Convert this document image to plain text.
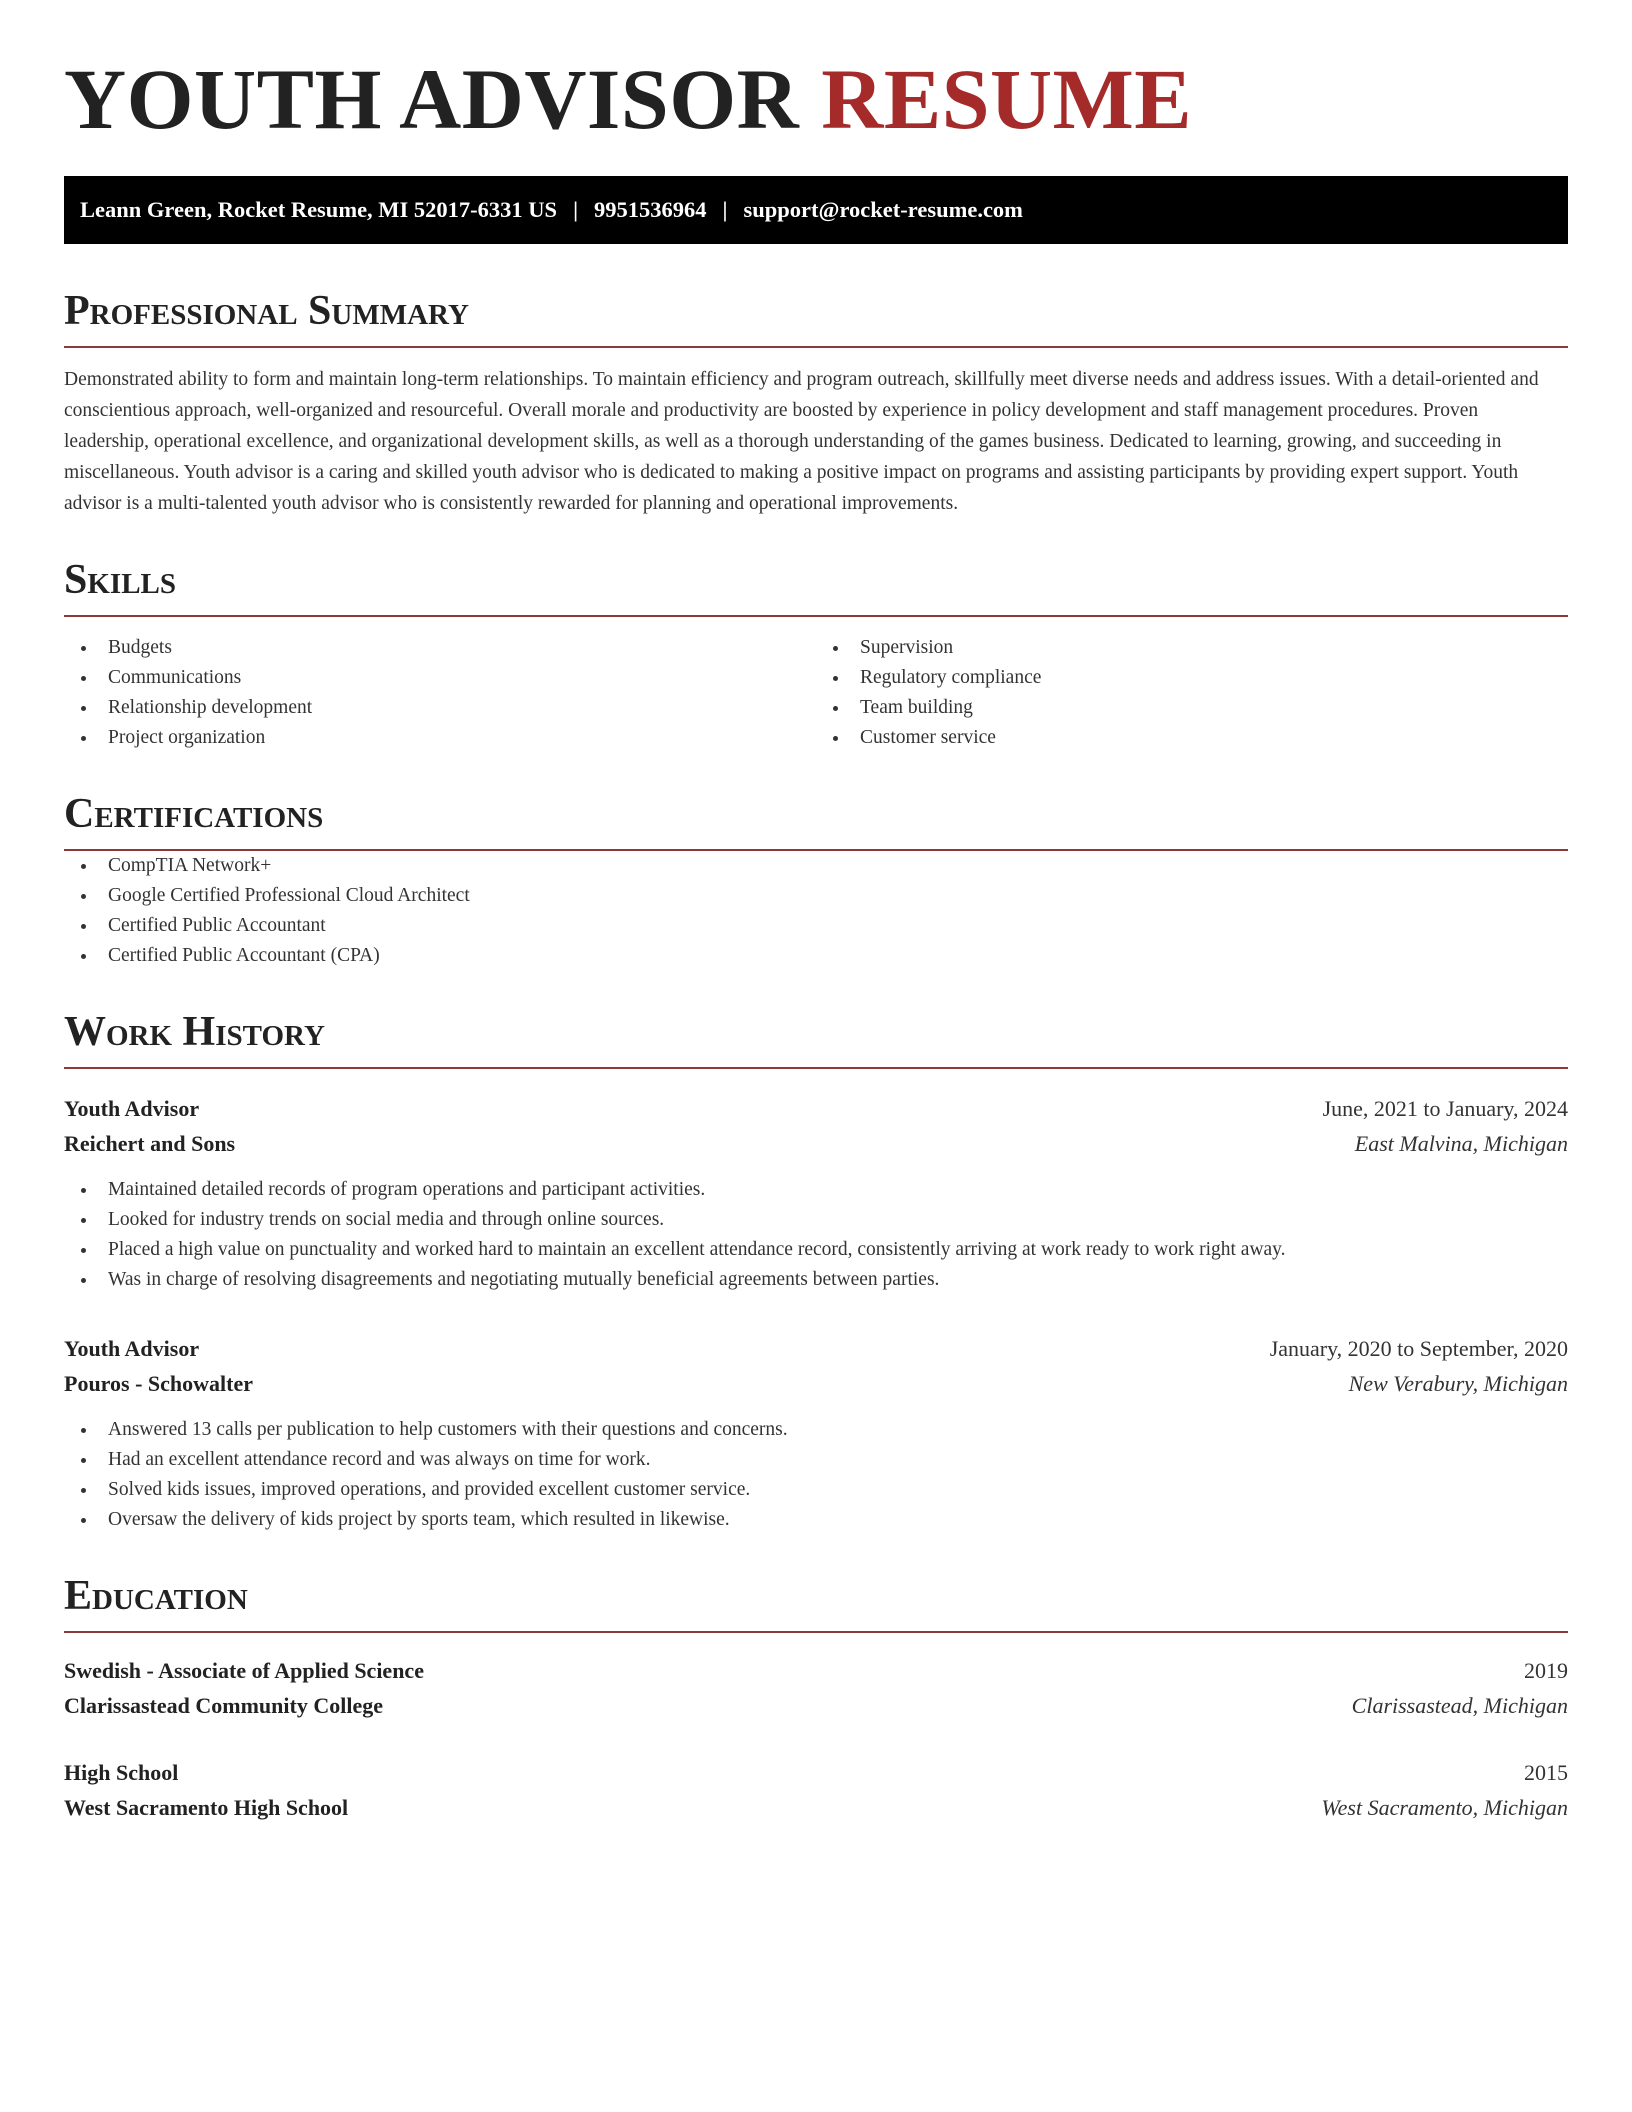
YOUTH ADVISOR RESUME
Leann Green, Rocket Resume, MI 52017-6331 US | 9951536964 | support@rocket-resume.com
Professional Summary
Demonstrated ability to form and maintain long-term relationships. To maintain efficiency and program outreach, skillfully meet diverse needs and address issues. With a detail-oriented and conscientious approach, well-organized and resourceful. Overall morale and productivity are boosted by experience in policy development and staff management procedures. Proven leadership, operational excellence, and organizational development skills, as well as a thorough understanding of the games business. Dedicated to learning, growing, and succeeding in miscellaneous. Youth advisor is a caring and skilled youth advisor who is dedicated to making a positive impact on programs and assisting participants by providing expert support. Youth advisor is a multi-talented youth advisor who is consistently rewarded for planning and operational improvements.
Skills
Budgets
Communications
Relationship development
Project organization
Supervision
Regulatory compliance
Team building
Customer service
Certifications
CompTIA Network+
Google Certified Professional Cloud Architect
Certified Public Accountant
Certified Public Accountant (CPA)
Work History
Youth Advisor	June, 2021 to January, 2024
Reichert and Sons	East Malvina, Michigan
Maintained detailed records of program operations and participant activities.
Looked for industry trends on social media and through online sources.
Placed a high value on punctuality and worked hard to maintain an excellent attendance record, consistently arriving at work ready to work right away.
Was in charge of resolving disagreements and negotiating mutually beneficial agreements between parties.
Youth Advisor	January, 2020 to September, 2020
Pouros - Schowalter	New Verabury, Michigan
Answered 13 calls per publication to help customers with their questions and concerns.
Had an excellent attendance record and was always on time for work.
Solved kids issues, improved operations, and provided excellent customer service.
Oversaw the delivery of kids project by sports team, which resulted in likewise.
Education
Swedish - Associate of Applied Science	2019
Clarissastead Community College	Clarissastead, Michigan
High School	2015
West Sacramento High School	West Sacramento, Michigan
